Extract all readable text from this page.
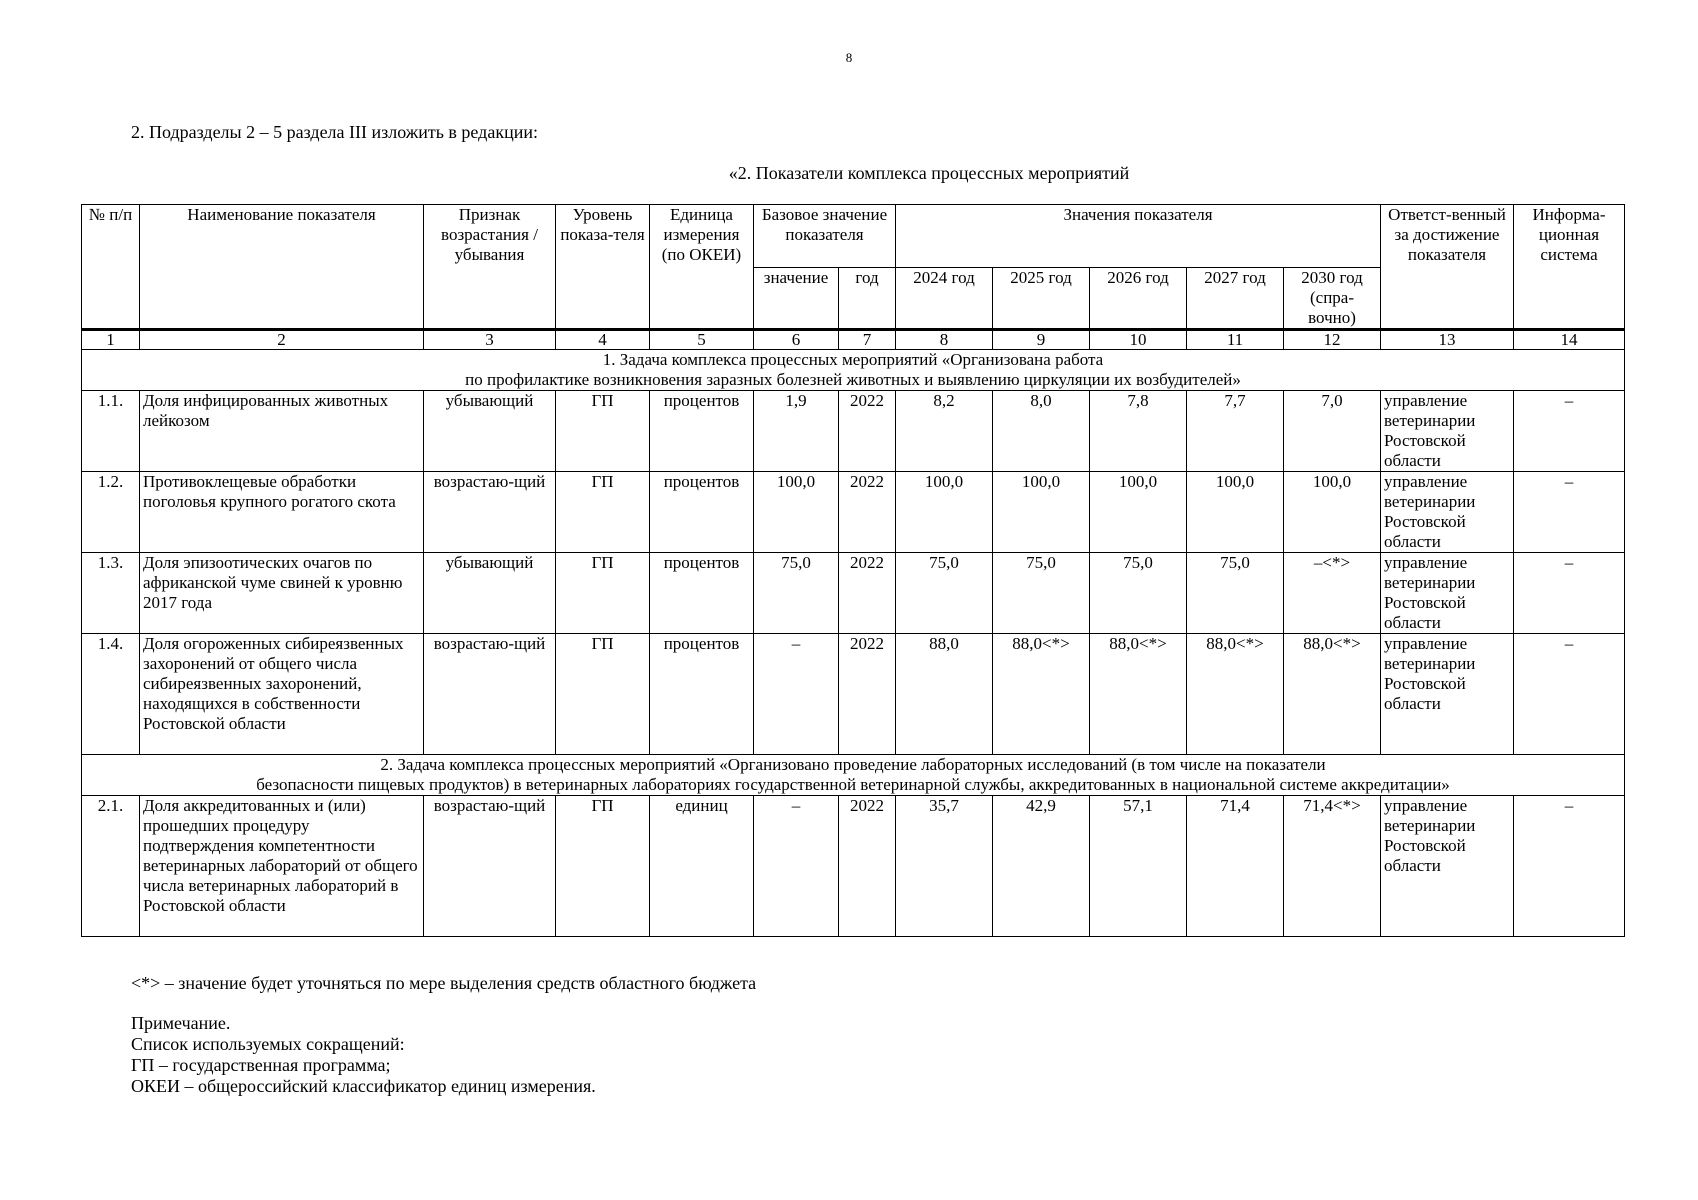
8
2. Подразделы 2 – 5 раздела III изложить в редакции:
«2. Показатели комплекса процессных мероприятий
№ п/п	Наименование показателя	Признак возрастания / убывания	Уровень показа-теля	Единица измерения (по ОКЕИ)	Базовое значение показателя		Значения показателя					Ответст-венный за достижение показателя	Информа-ционная система
					значение	год	2024 год	2025 год	2026 год	2027 год	2030 год (спра-вочно)		
1	2	3	4	5	6	7	8	9	10	11	12	13	14

1. Задача комплекса процессных мероприятий «Организована работа
по профилактике возникновения заразных болезней животных и выявлению циркуляции их возбудителей»													

1.1.	Доля инфицированных животных лейкозом	убывающий	ГП	процентов	1,9	2022	8,2	8,0	7,8	7,7	7,0	управление ветеринарии Ростовской области	–
1.2.	Противоклещевые обработки поголовья крупного рогатого скота	возрастаю-щий	ГП	процентов	100,0	2022	100,0	100,0	100,0	100,0	100,0	управление ветеринарии Ростовской области	–
1.3.	Доля эпизоотических очагов по африканской чуме свиней к уровню 2017 года	убывающий	ГП	процентов	75,0	2022	75,0	75,0	75,0	75,0	–<*>	управление ветеринарии Ростовской области	–
1.4.	Доля огороженных сибиреязвенных захоронений от общего числа сибиреязвенных захоронений, находящихся в собственности Ростовской области	возрастаю-щий	ГП	процентов	–	2022	88,0	88,0<*>	88,0<*>	88,0<*>	88,0<*>	управление ветеринарии Ростовской области	–

2. Задача комплекса процессных мероприятий «Организовано проведение лабораторных исследований (в том числе на показатели
безопасности пищевых продуктов) в ветеринарных лабораториях государственной ветеринарной службы, аккредитованных в национальной системе аккредитации»													

2.1.	Доля аккредитованных и (или) прошедших процедуру подтверждения компетентности ветеринарных лабораторий от общего числа ветеринарных лабораторий в Ростовской области	возрастаю-щий	ГП	единиц	–	2022	35,7	42,9	57,1	71,4	71,4<*>	управление ветеринарии Ростовской области	–
<*> – значение будет уточняться по мере выделения средств областного бюджета
Примечание.
Список используемых сокращений:
ГП – государственная программа;
ОКЕИ – общероссийский классификатор единиц измерения.
